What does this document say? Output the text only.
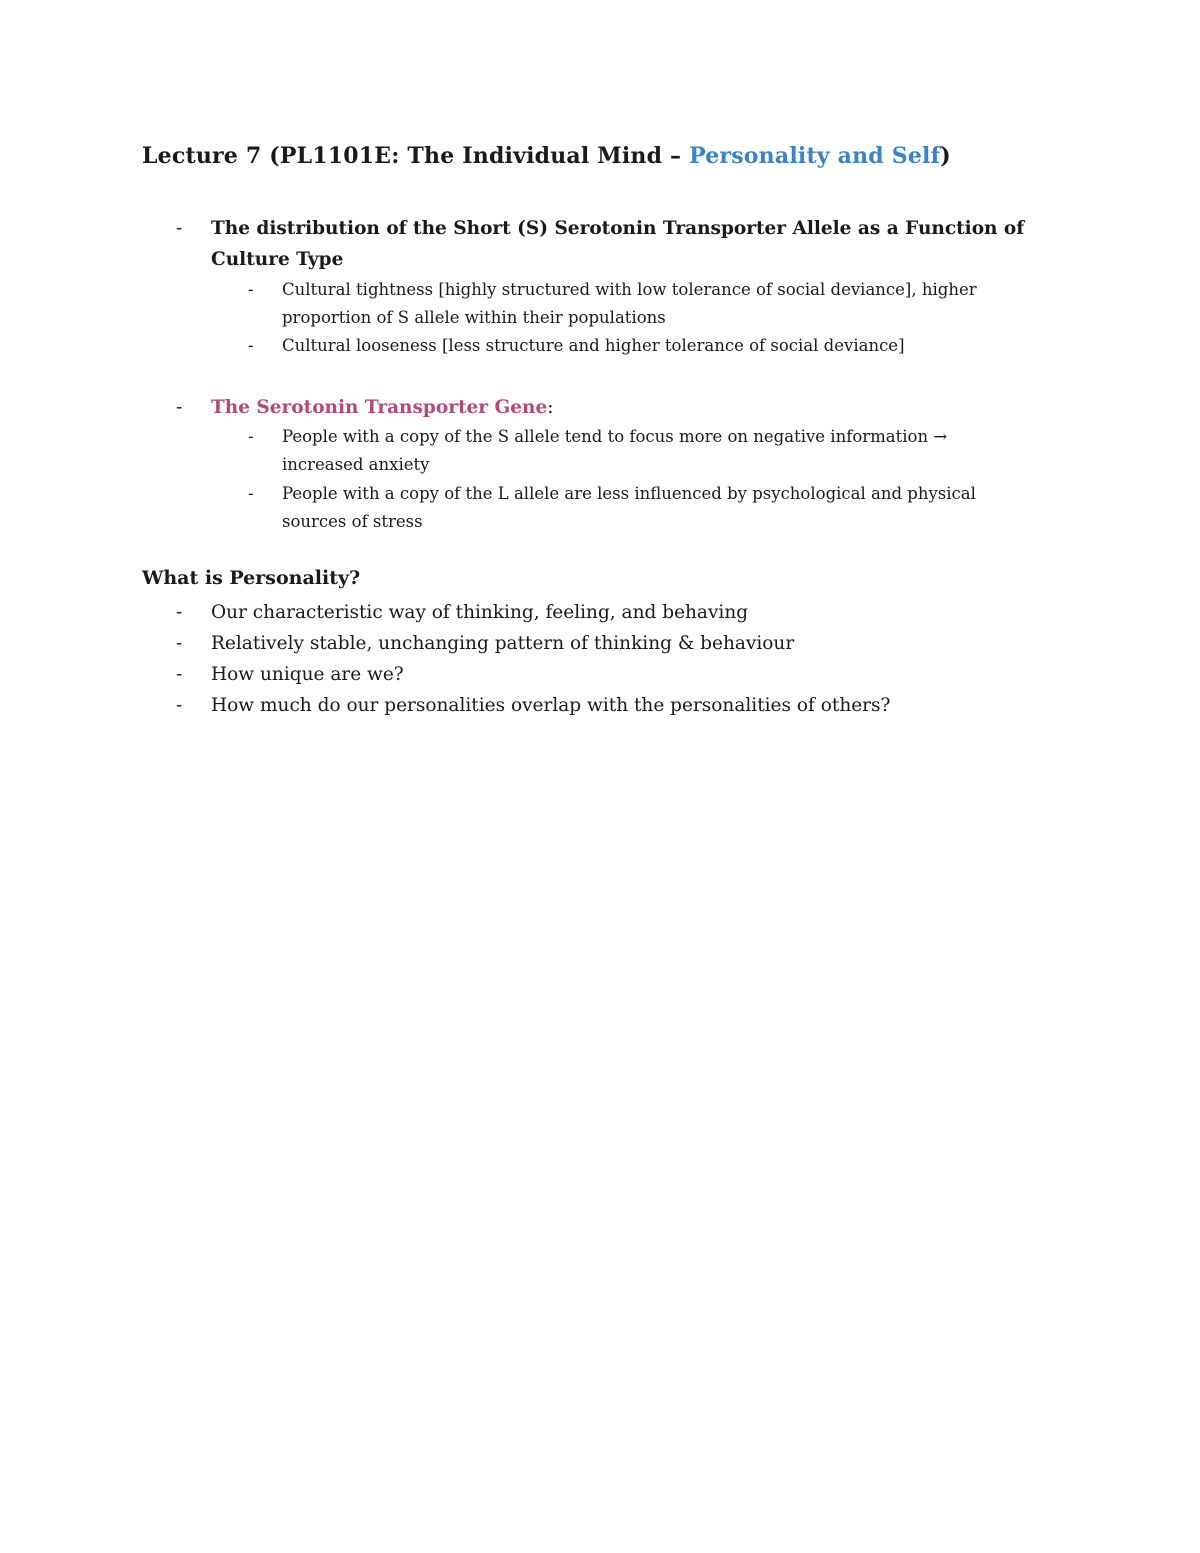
Lecture 7 (PL1101E: The Individual Mind – Personality and Self)
- The distribution of the Short (S) Serotonin Transporter Allele as a Function of
Culture Type
- Cultural tightness [highly structured with low tolerance of social deviance], higher
proportion of S allele within their populations
- Cultural looseness [less structure and higher tolerance of social deviance]
- The Serotonin Transporter Gene:
- People with a copy of the S allele tend to focus more on negative information →
increased anxiety
- People with a copy of the L allele are less influenced by psychological and physical
sources of stress
What is Personality?
- Our characteristic way of thinking, feeling, and behaving
- Relatively stable, unchanging pattern of thinking & behaviour
- How unique are we?
- How much do our personalities overlap with the personalities of others?
